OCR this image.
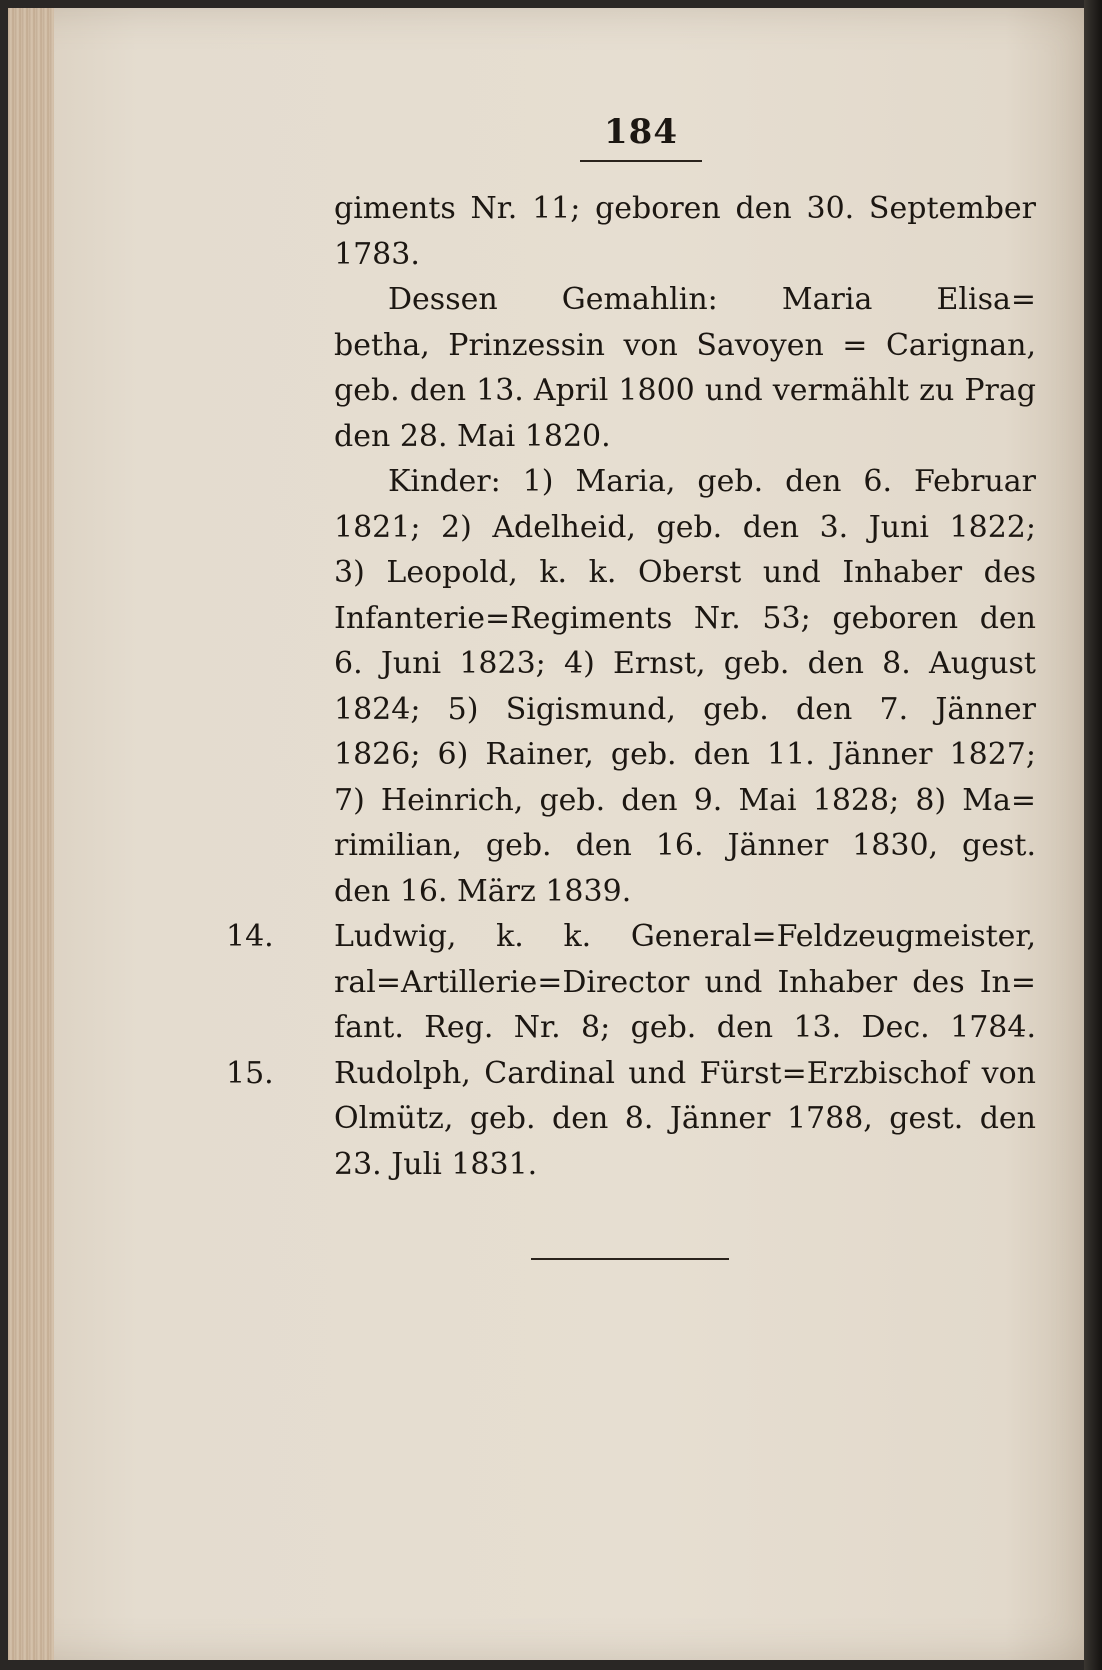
184
giments Nr. 11; geboren den 30. September
1783.
Dessen Gemahlin: Maria Elisa=
betha, Prinzessin von Savoyen = Carignan,
geb. den 13. April 1800 und vermählt zu Prag
den 28. Mai 1820.
Kinder: 1) Maria, geb. den 6. Februar
1821; 2) Adelheid, geb. den 3. Juni 1822;
3) Leopold, k. k. Oberst und Inhaber des
Infanterie=Regiments Nr. 53; geboren den
6. Juni 1823; 4) Ernst, geb. den 8. August
1824; 5) Sigismund, geb. den 7. Jänner
1826; 6) Rainer, geb. den 11. Jänner 1827;
7) Heinrich, geb. den 9. Mai 1828; 8) Ma=
rimilian, geb. den 16. Jänner 1830, gest.
den 16. März 1839.
14.	Ludwig, k. k. General=Feldzeugmeister,
ral=Artillerie=Director und Inhaber des In=
fant. Reg. Nr. 8; geb. den 13. Dec. 1784.
15.	Rudolph, Cardinal und Fürst=Erzbischof von
Olmütz, geb. den 8. Jänner 1788, gest. den
23. Juli 1831.
